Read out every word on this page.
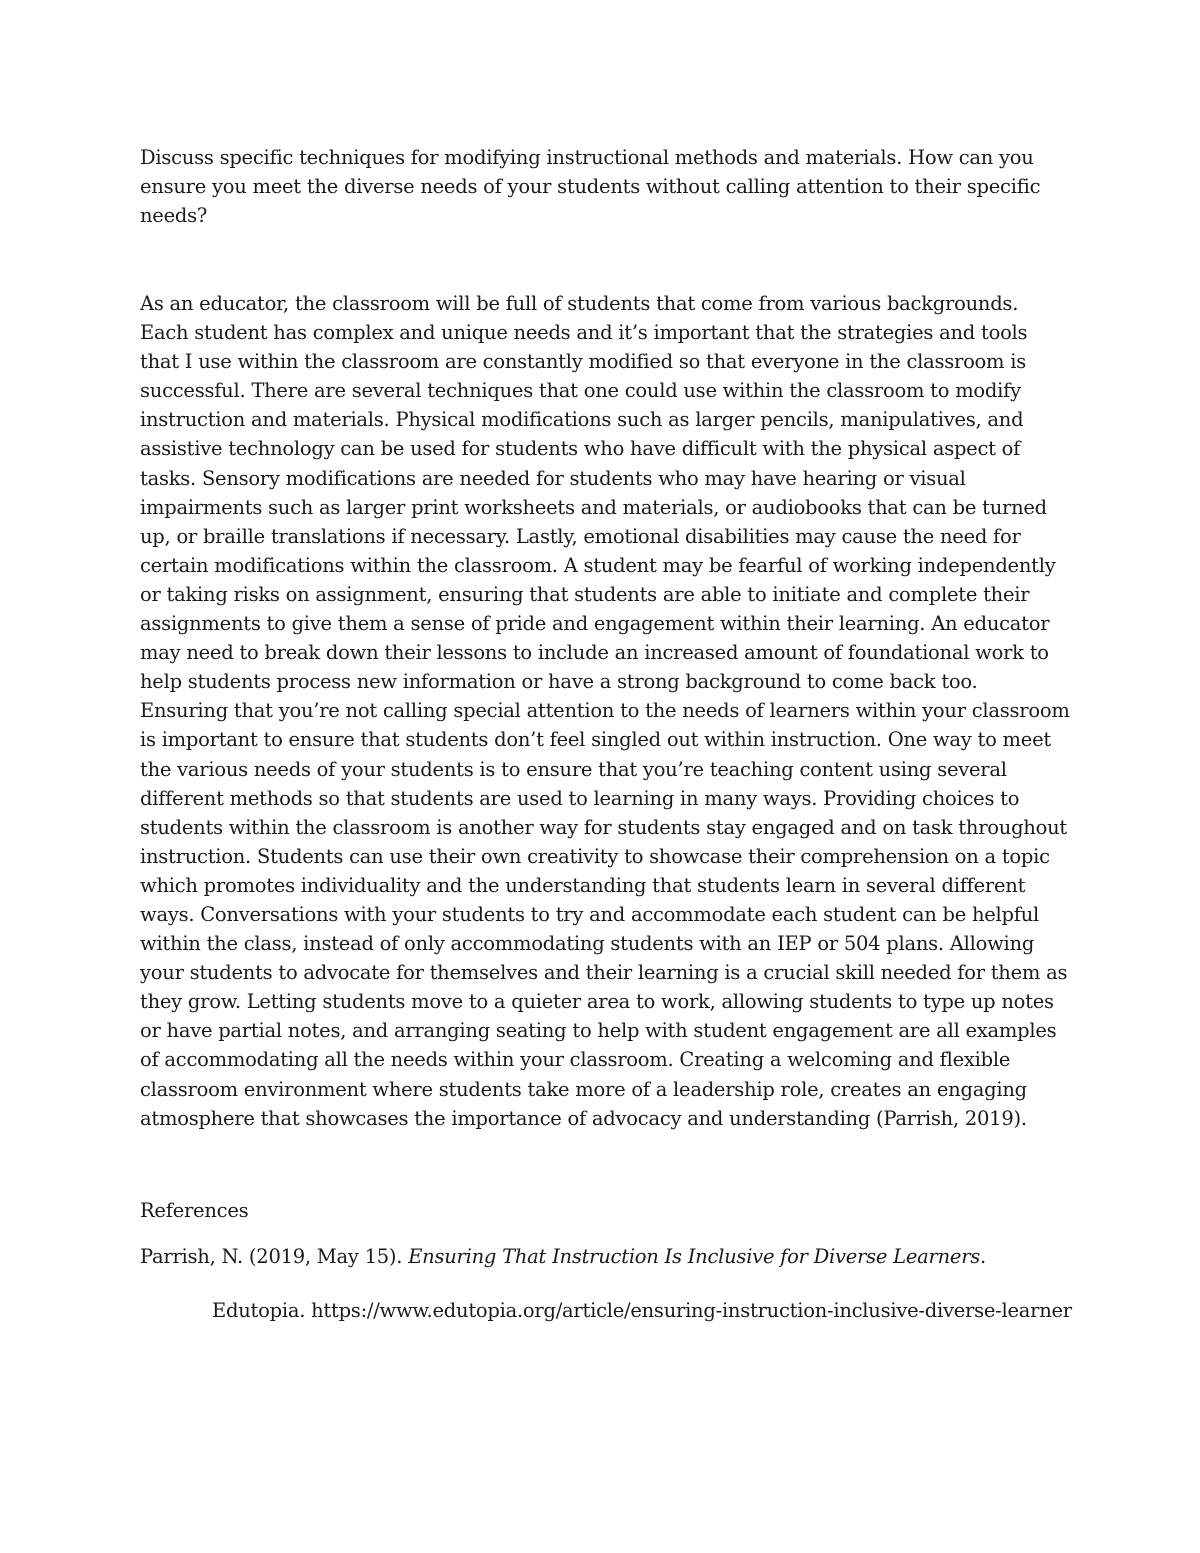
Discuss specific techniques for modifying instructional methods and materials. How can you ensure you meet the diverse needs of your students without calling attention to their specific needs?

As an educator, the classroom will be full of students that come from various backgrounds. Each student has complex and unique needs and it’s important that the strategies and tools that I use within the classroom are constantly modified so that everyone in the classroom is successful. There are several techniques that one could use within the classroom to modify instruction and materials. Physical modifications such as larger pencils, manipulatives, and assistive technology can be used for students who have difficult with the physical aspect of tasks. Sensory modifications are needed for students who may have hearing or visual impairments such as larger print worksheets and materials, or audiobooks that can be turned up, or braille translations if necessary. Lastly, emotional disabilities may cause the need for certain modifications within the classroom. A student may be fearful of working independently or taking risks on assignment, ensuring that students are able to initiate and complete their assignments to give them a sense of pride and engagement within their learning. An educator may need to break down their lessons to include an increased amount of foundational work to help students process new information or have a strong background to come back too. Ensuring that you’re not calling special attention to the needs of learners within your classroom is important to ensure that students don’t feel singled out within instruction. One way to meet the various needs of your students is to ensure that you’re teaching content using several different methods so that students are used to learning in many ways. Providing choices to students within the classroom is another way for students stay engaged and on task throughout instruction. Students can use their own creativity to showcase their comprehension on a topic which promotes individuality and the understanding that students learn in several different ways. Conversations with your students to try and accommodate each student can be helpful within the class, instead of only accommodating students with an IEP or 504 plans. Allowing your students to advocate for themselves and their learning is a crucial skill needed for them as they grow. Letting students move to a quieter area to work, allowing students to type up notes or have partial notes, and arranging seating to help with student engagement are all examples of accommodating all the needs within your classroom. Creating a welcoming and flexible classroom environment where students take more of a leadership role, creates an engaging atmosphere that showcases the importance of advocacy and understanding (Parrish, 2019).

References

Parrish, N. (2019, May 15). Ensuring That Instruction Is Inclusive for Diverse Learners.

Edutopia. https://www.edutopia.org/article/ensuring-instruction-inclusive-diverse-learner
